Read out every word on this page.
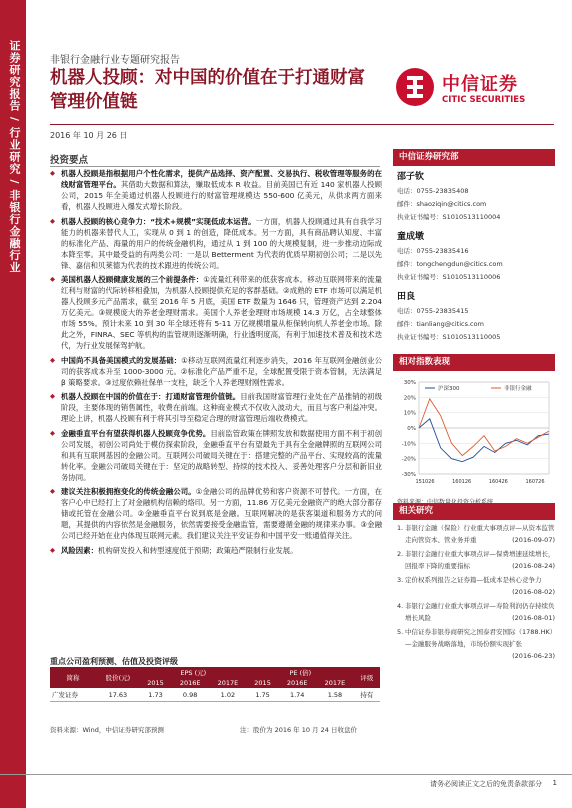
证券研究报告 / 行业研究 / 非银行金融行业	非银行金融行业专题研究报告
机器人投顾：对中国的价值在于打通财富管理价值链
中信证券
CITIC SECURITIES
2016 年 10 月 26 日
投资要点
◆ 机器人投顾是指根据用户个性化需求，提供产品选择、资产配置、交易执行、税收管理等服务的在线财富管理平台。其借助大数据和算法，赚取低成本 R 收益。目前美国已有近 140 家机器人投顾公司，2015 年全美通过机器人投顾进行的财富管理规模达 550-600 亿美元，从供求两方面来看，机器人投顾进入爆发式增长阶段。
◆ 机器人投顾的核心竞争力：“技术+规模”实现低成本运营。一方面，机器人投顾通过具有自我学习能力的机器来替代人工，实现从 0 到 1 的创造，降低成本。另一方面，具有商品聘认知度、丰富的标准化产品、海量的用户的传统金融机构，通过从 1 到 100 的大规模复制，进一步推动边际成本降至零。其中最受益的有两类公司：一是以 Betterment 为代表的优质早期初创公司；二是以先锋、嘉信和贝莱德为代表的技术跟进的传统公司。
◆ 美国机器人投顾健康发展的三个前提条件：①流量红利带来的低获客成本。移动互联网带来的流量红利与财富的代际转移相叠加，为机器人投顾提供充足的客群基础。②成熟的 ETF 市场可以满足机器人投顾多元产品需求，截至 2016 年 5 月底，美国 ETF 数量为 1646 只，管理资产达到 2.204 万亿美元。③规模庞大的养老金理财需求。美国个人养老金理财市场规模 14.3 万亿，占全球整体市场 55%。预计未来 10 到 30 年全球还将有 5-11 万亿规模增量从柜保转向机人养老金市场。除此之外，FINRA、SEC 等机构的监管规则逐渐明确，行业透明度高，有利于加速技术普及和技术迭代，为行业发展保驾护航。
◆ 中国尚不具备美国模式的发展基础：①移动互联网流量红利逐步消失，2016 年互联网金融创业公司的获客成本升至 1000-3000 元。②标准化产品严重不足，全球配置受限于资本管制，无法满足 β 策略要求。③过度依赖社保单一支柱，缺乏个人养老理财刚性需求。
◆ 机器人投顾在中国的价值在于：打通财富管理价值链。目前我国财富管理行业处在产品推销的初级阶段，主要体现的销售属性，收费在前端。这种商业模式不仅收入波动大，而且与客户利益冲突。理论上讲，机器人投顾有利于将其引导至稳定合理的财富管理后端收费模式。
◆ 金融垂直平台有望获得机器人投顾竞争优势。目前监管政策在牌照发放和数据使用方面不利于初创公司发展，初创公司尚处于模仿探索阶段，金融垂直平台有望最先于具有全金融牌照的互联网公司和具有互联网基因的金融公司。互联网公司破局关键在于：搭建完整的产品平台、实现较高的流量转化率。金融公司破局关键在于：坚定的战略转型、持续的技术投入、妥善处理客户分层和新旧业务协同。
◆ 建议关注积极拥抱变化的传统金融公司。①金融公司的品牌优势和客户资源不可替代。一方面，在客户心中已经打上了对金融机构信赖的烙印。另一方面，11.86 万亿美元金融资产的绝大部分都存储或托管在金融公司。②金融垂直平台说到底是金融。互联网解决的是获客渠道和服务方式的问题，其提供的内容依然是金融服务，依然需要接受金融监管，需要遵循金融的规律来办事。③金融公司已经开始在业内体现互联网元素。我们建议关注平安证券和中国平安一账通值得关注。
◆ 风险因素：机构研发投入和转型速度低于预期；政策趋严限制行业发展。
重点公司盈利预测、估值及投资评级
简称	股价(元)	EPS (元)			PE (倍)			评级
		2015	2016E	2017E	2015	2016E	2017E	
广发证券	17.63	1.73	0.98	1.02	1.75	1.74	1.58	持有
资料来源：Wind，中信证券研究部预测	注：股价为 2016 年 10 月 24 日收盘价
中信证券研究部
邵子钦
电话：0755-23835408
邮件：shaoziqin@citics.com
执业证书编号：S1010513110004
童成墩
电话：0755-23835416
邮件：tongchengdun@citics.com
执业证书编号：S1010513110006
田良
电话：0755-23835415
邮件：tianliang@citics.com
执业证书编号：S1010513110005
相对指数表现
30%
20%
10%
0%
-10%
-20%
-30%
151026	160126	160426	160726
沪深300	非银行金融
相关研究
1. 非银行金融（保险）行业重大事项点评—从资本监管走向管资本、管业务并重	(2016-09-07)
2. 非银行金融行业重大事项点评—保费增速延续增长，回报率下降的重要指标	(2016-08-24)
3. 定价权系列报告之证券篇—低成本是核心竞争力
(2016-08-02)
4. 非银行金融行业重大事项点评—寿险利润仍存持续负增长风险	(2016-08-01)
5. 中信证券非银券商研究之国泰君安国际（1788.HK）—金融服务战略落地，市场份额实现扩张
(2016-06-23)
请务必阅读正文之后的免责条款部分 1
